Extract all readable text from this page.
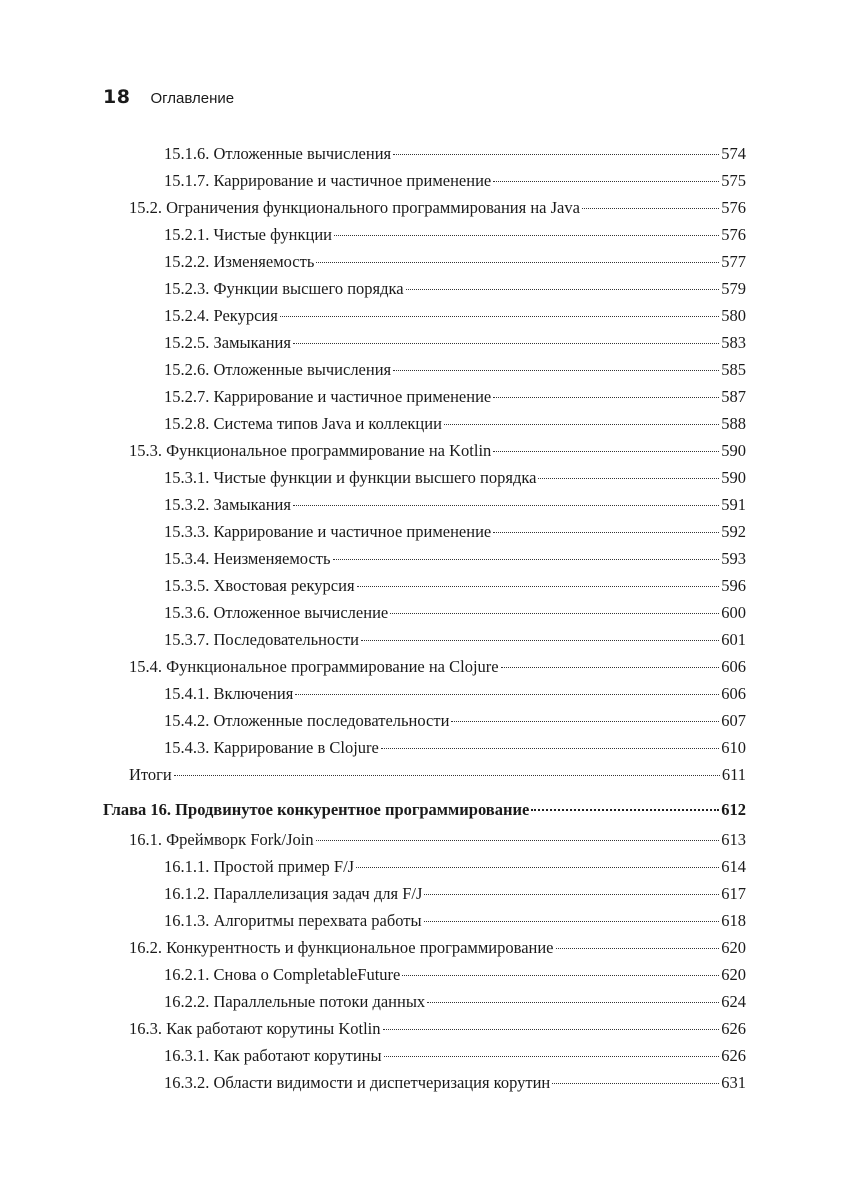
18 Оглавление
15.1.6. Отложенные вычисления	574
15.1.7. Каррирование и частичное применение	575
15.2. Ограничения функционального программирования на Java	576
15.2.1. Чистые функции	576
15.2.2. Изменяемость	577
15.2.3. Функции высшего порядка	579
15.2.4. Рекурсия	580
15.2.5. Замыкания	583
15.2.6. Отложенные вычисления	585
15.2.7. Каррирование и частичное применение	587
15.2.8. Система типов Java и коллекции	588
15.3. Функциональное программирование на Kotlin	590
15.3.1. Чистые функции и функции высшего порядка	590
15.3.2. Замыкания	591
15.3.3. Каррирование и частичное применение	592
15.3.4. Неизменяемость	593
15.3.5. Хвостовая рекурсия	596
15.3.6. Отложенное вычисление	600
15.3.7. Последовательности	601
15.4. Функциональное программирование на Clojure	606
15.4.1. Включения	606
15.4.2. Отложенные последовательности	607
15.4.3. Каррирование в Clojure	610
Итоги	611
Глава 16. Продвинутое конкурентное программирование	612
16.1. Фреймворк Fork/Join	613
16.1.1. Простой пример F/J	614
16.1.2. Параллелизация задач для F/J	617
16.1.3. Алгоритмы перехвата работы	618
16.2. Конкурентность и функциональное программирование	620
16.2.1. Снова о CompletableFuture	620
16.2.2. Параллельные потоки данных	624
16.3. Как работают корутины Kotlin	626
16.3.1. Как работают корутины	626
16.3.2. Области видимости и диспетчеризация корутин	631
